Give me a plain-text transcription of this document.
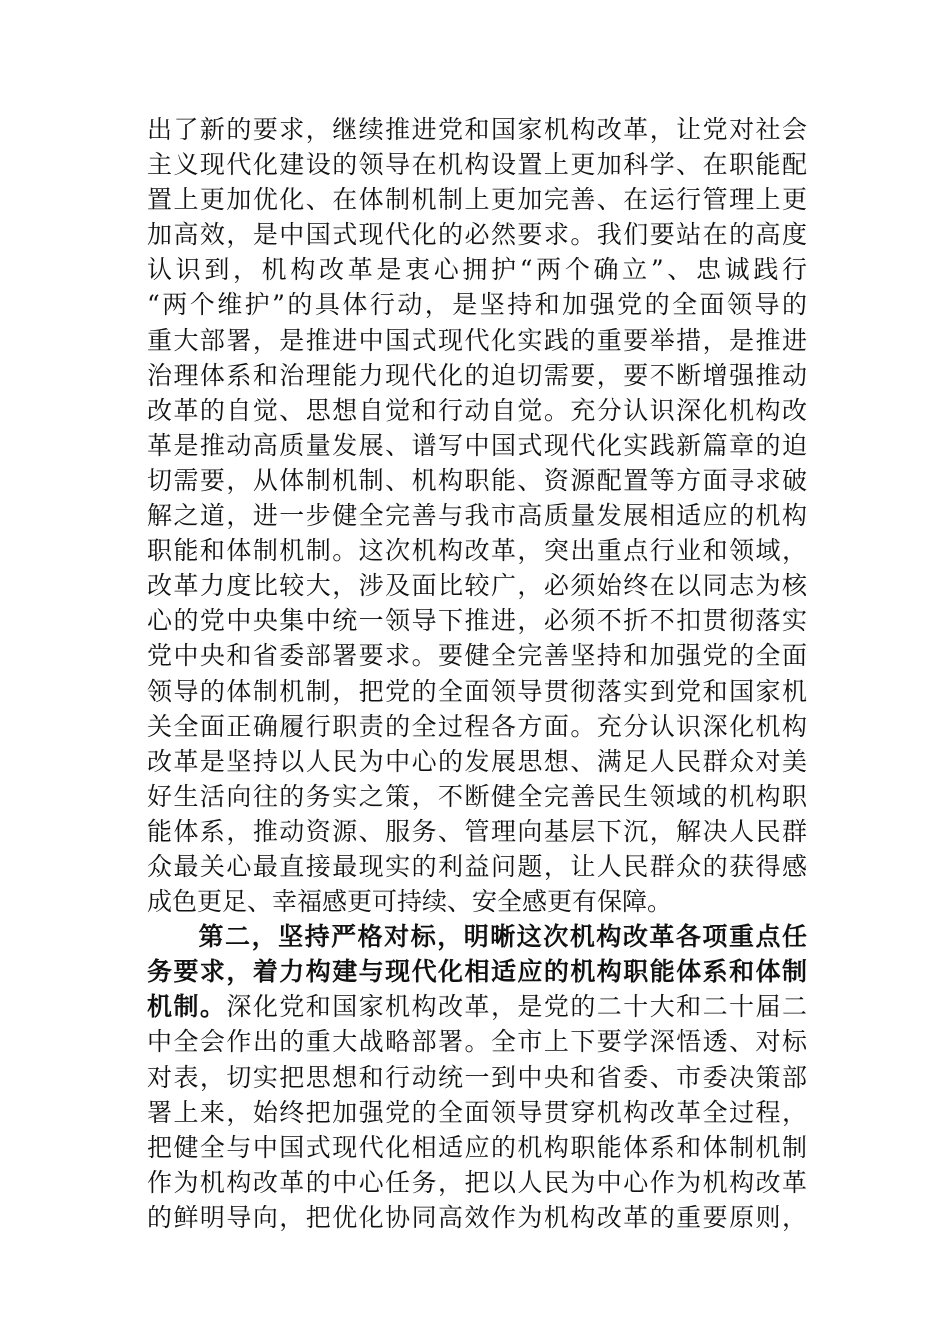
出了新的要求，继续推进党和国家机构改革，让党对社会
主义现代化建设的领导在机构设置上更加科学、在职能配
置上更加优化、在体制机制上更加完善、在运行管理上更
加高效，是中国式现代化的必然要求。我们要站在的高度
认识到，机构改革是衷心拥护“两个确立”、忠诚践行
“两个维护”的具体行动，是坚持和加强党的全面领导的
重大部署，是推进中国式现代化实践的重要举措，是推进
治理体系和治理能力现代化的迫切需要，要不断增强推动
改革的自觉、思想自觉和行动自觉。充分认识深化机构改
革是推动高质量发展、谱写中国式现代化实践新篇章的迫
切需要，从体制机制、机构职能、资源配置等方面寻求破
解之道，进一步健全完善与我市高质量发展相适应的机构
职能和体制机制。这次机构改革，突出重点行业和领域，
改革力度比较大，涉及面比较广，必须始终在以同志为核
心的党中央集中统一领导下推进，必须不折不扣贯彻落实
党中央和省委部署要求。要健全完善坚持和加强党的全面
领导的体制机制，把党的全面领导贯彻落实到党和国家机
关全面正确履行职责的全过程各方面。充分认识深化机构
改革是坚持以人民为中心的发展思想、满足人民群众对美
好生活向往的务实之策，不断健全完善民生领域的机构职
能体系，推动资源、服务、管理向基层下沉，解决人民群
众最关心最直接最现实的利益问题，让人民群众的获得感
成色更足、幸福感更可持续、安全感更有保障。
第二，坚持严格对标，明晰这次机构改革各项重点任
务要求，着力构建与现代化相适应的机构职能体系和体制
机制。深化党和国家机构改革，是党的二十大和二十届二
中全会作出的重大战略部署。全市上下要学深悟透、对标
对表，切实把思想和行动统一到中央和省委、市委决策部
署上来，始终把加强党的全面领导贯穿机构改革全过程，
把健全与中国式现代化相适应的机构职能体系和体制机制
作为机构改革的中心任务，把以人民为中心作为机构改革
的鲜明导向，把优化协同高效作为机构改革的重要原则，
